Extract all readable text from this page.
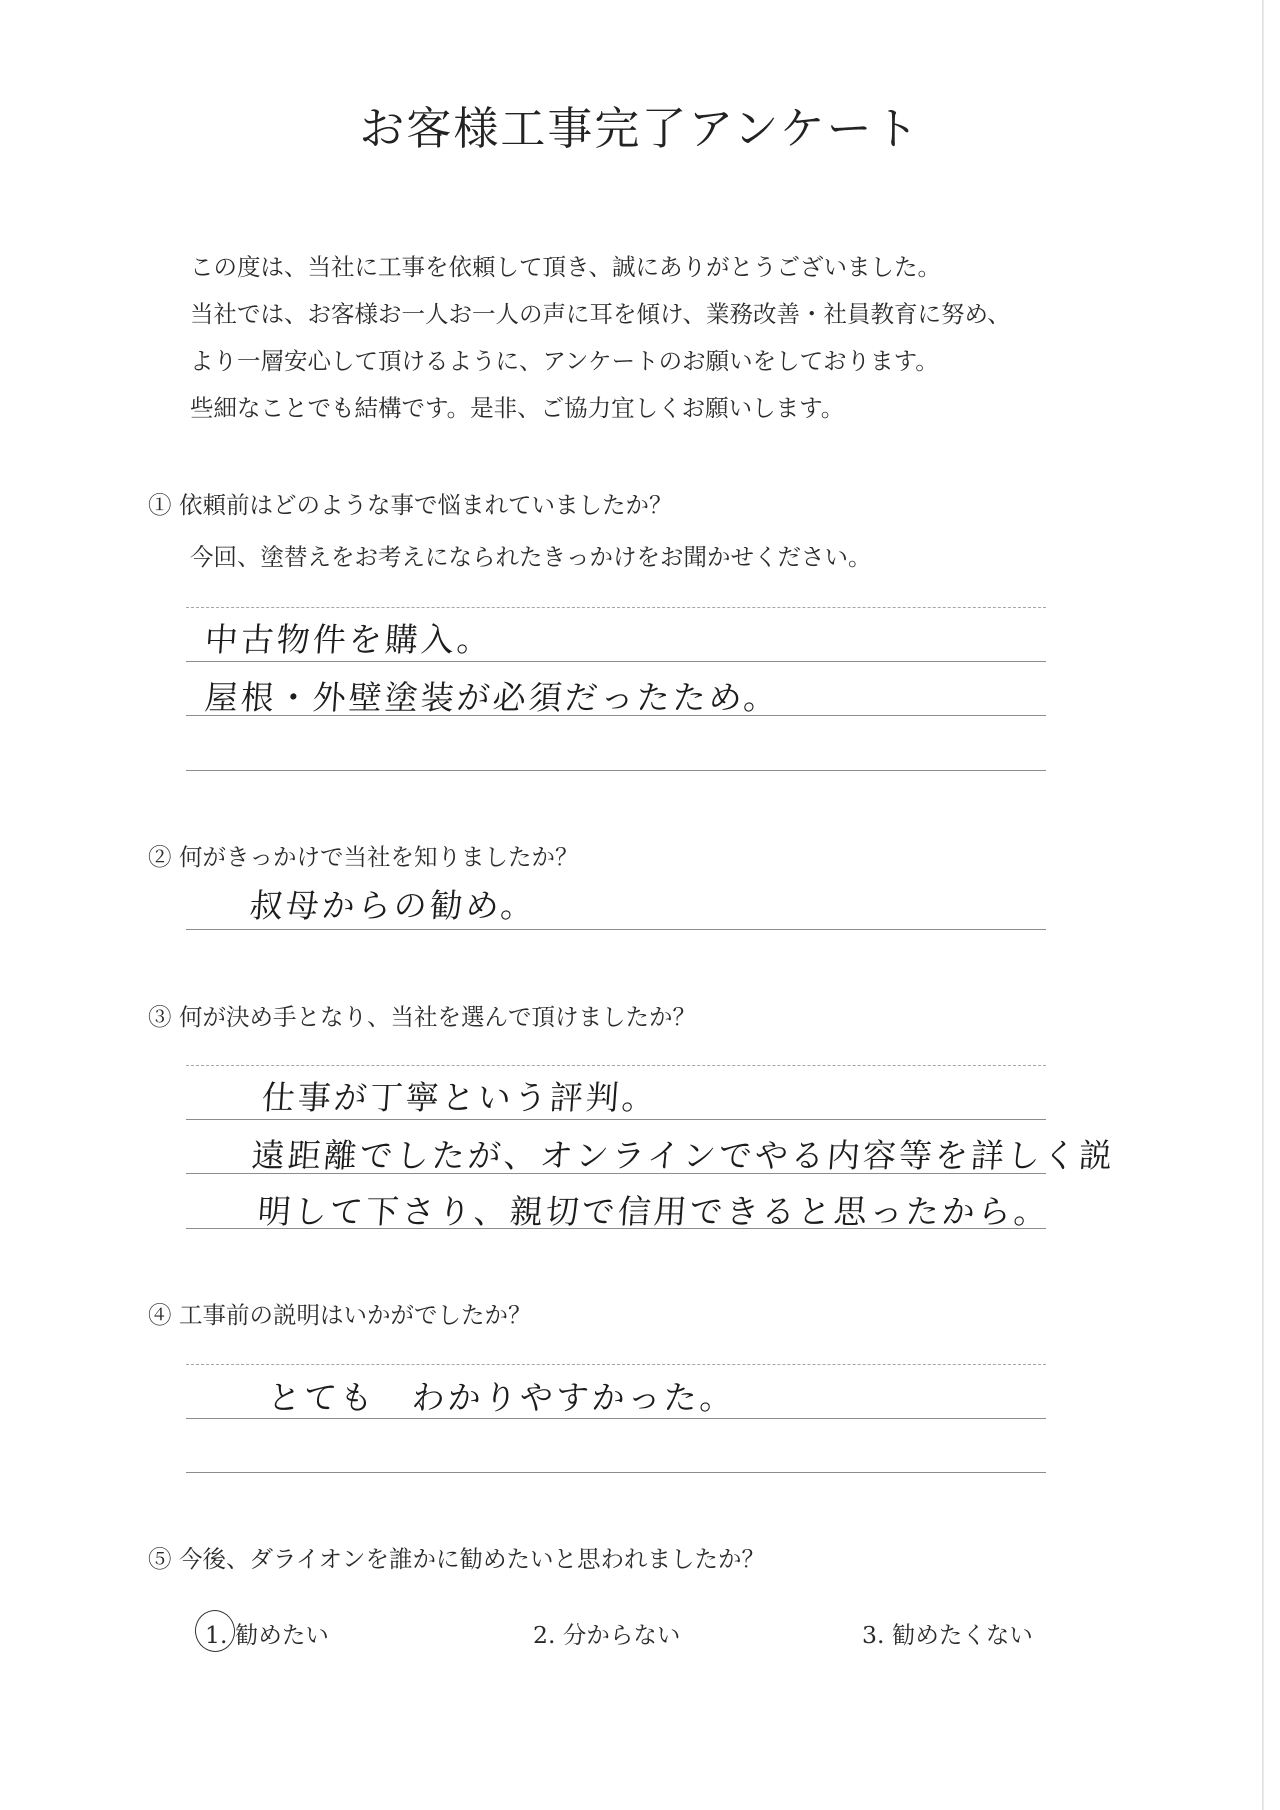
お客様工事完了アンケート

この度は、当社に工事を依頼して頂き、誠にありがとうございました。

当社では、お客様お一人お一人の声に耳を傾け、業務改善・社員教育に努め、

より一層安心して頂けるように、アンケートのお願いをしております。

些細なことでも結構です。是非、ご協力宜しくお願いします。

① 依頼前はどのような事で悩まれていましたか？
今回、塗替えをお考えになられたきっかけをお聞かせください。
中古物件を購入。
屋根・外壁塗装が必須だったため。
② 何がきっかけで当社を知りましたか？
叔母からの勧め。
③ 何が決め手となり、当社を選んで頂けましたか？
仕事が丁寧という評判。
遠距離でしたが、オンラインでやる内容等を詳しく説
明して下さり、親切で信用できると思ったから。
④ 工事前の説明はいかがでしたか？
とても　わかりやすかった。
⑤ 今後、ダライオンを誰かに勧めたいと思われましたか？
1. 勧めたい	2. 分からない	3. 勧めたくない
